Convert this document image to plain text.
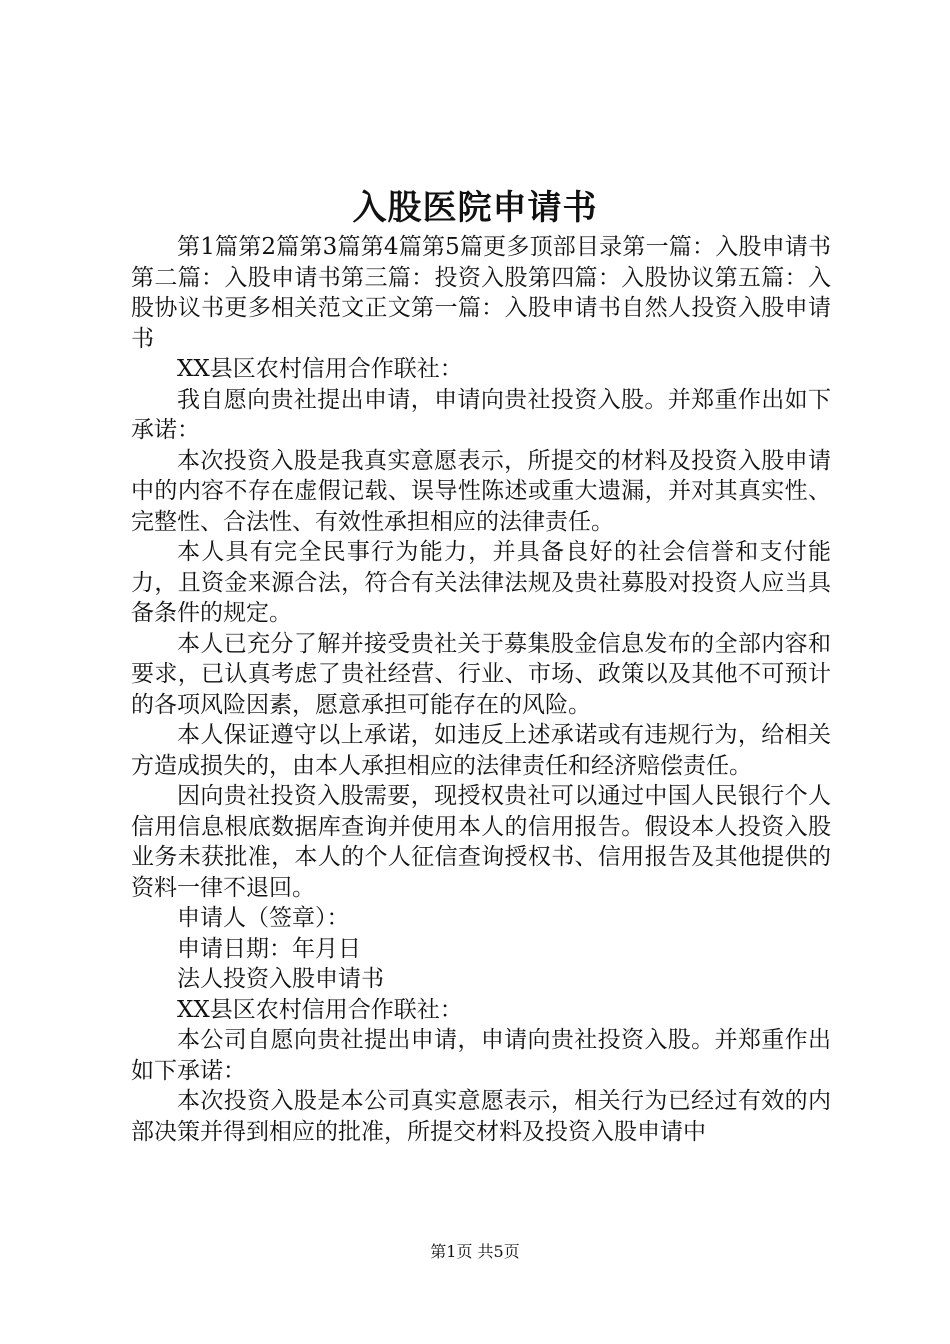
入股医院申请书

第1篇第2篇第3篇第4篇第5篇更多顶部目录第一篇：入股申请书第二篇：入股申请书第三篇：投资入股第四篇：入股协议第五篇：入股协议书更多相关范文正文第一篇：入股申请书自然人投资入股申请书

XX县区农村信用合作联社：

我自愿向贵社提出申请，申请向贵社投资入股。并郑重作出如下承诺：

本次投资入股是我真实意愿表示，所提交的材料及投资入股申请中的内容不存在虚假记载、误导性陈述或重大遗漏，并对其真实性、完整性、合法性、有效性承担相应的法律责任。

本人具有完全民事行为能力，并具备良好的社会信誉和支付能力，且资金来源合法，符合有关法律法规及贵社募股对投资人应当具备条件的规定。

本人已充分了解并接受贵社关于募集股金信息发布的全部内容和要求，已认真考虑了贵社经营、行业、市场、政策以及其他不可预计的各项风险因素，愿意承担可能存在的风险。

本人保证遵守以上承诺，如违反上述承诺或有违规行为，给相关方造成损失的，由本人承担相应的法律责任和经济赔偿责任。

因向贵社投资入股需要，现授权贵社可以通过中国人民银行个人信用信息根底数据库查询并使用本人的信用报告。假设本人投资入股业务未获批准，本人的个人征信查询授权书、信用报告及其他提供的资料一律不退回。

申请人（签章）：

申请日期：年月日

法人投资入股申请书

XX县区农村信用合作联社：

本公司自愿向贵社提出申请，申请向贵社投资入股。并郑重作出如下承诺：

本次投资入股是本公司真实意愿表示，相关行为已经过有效的内部决策并得到相应的批准，所提交材料及投资入股申请中

第1页 共5页
